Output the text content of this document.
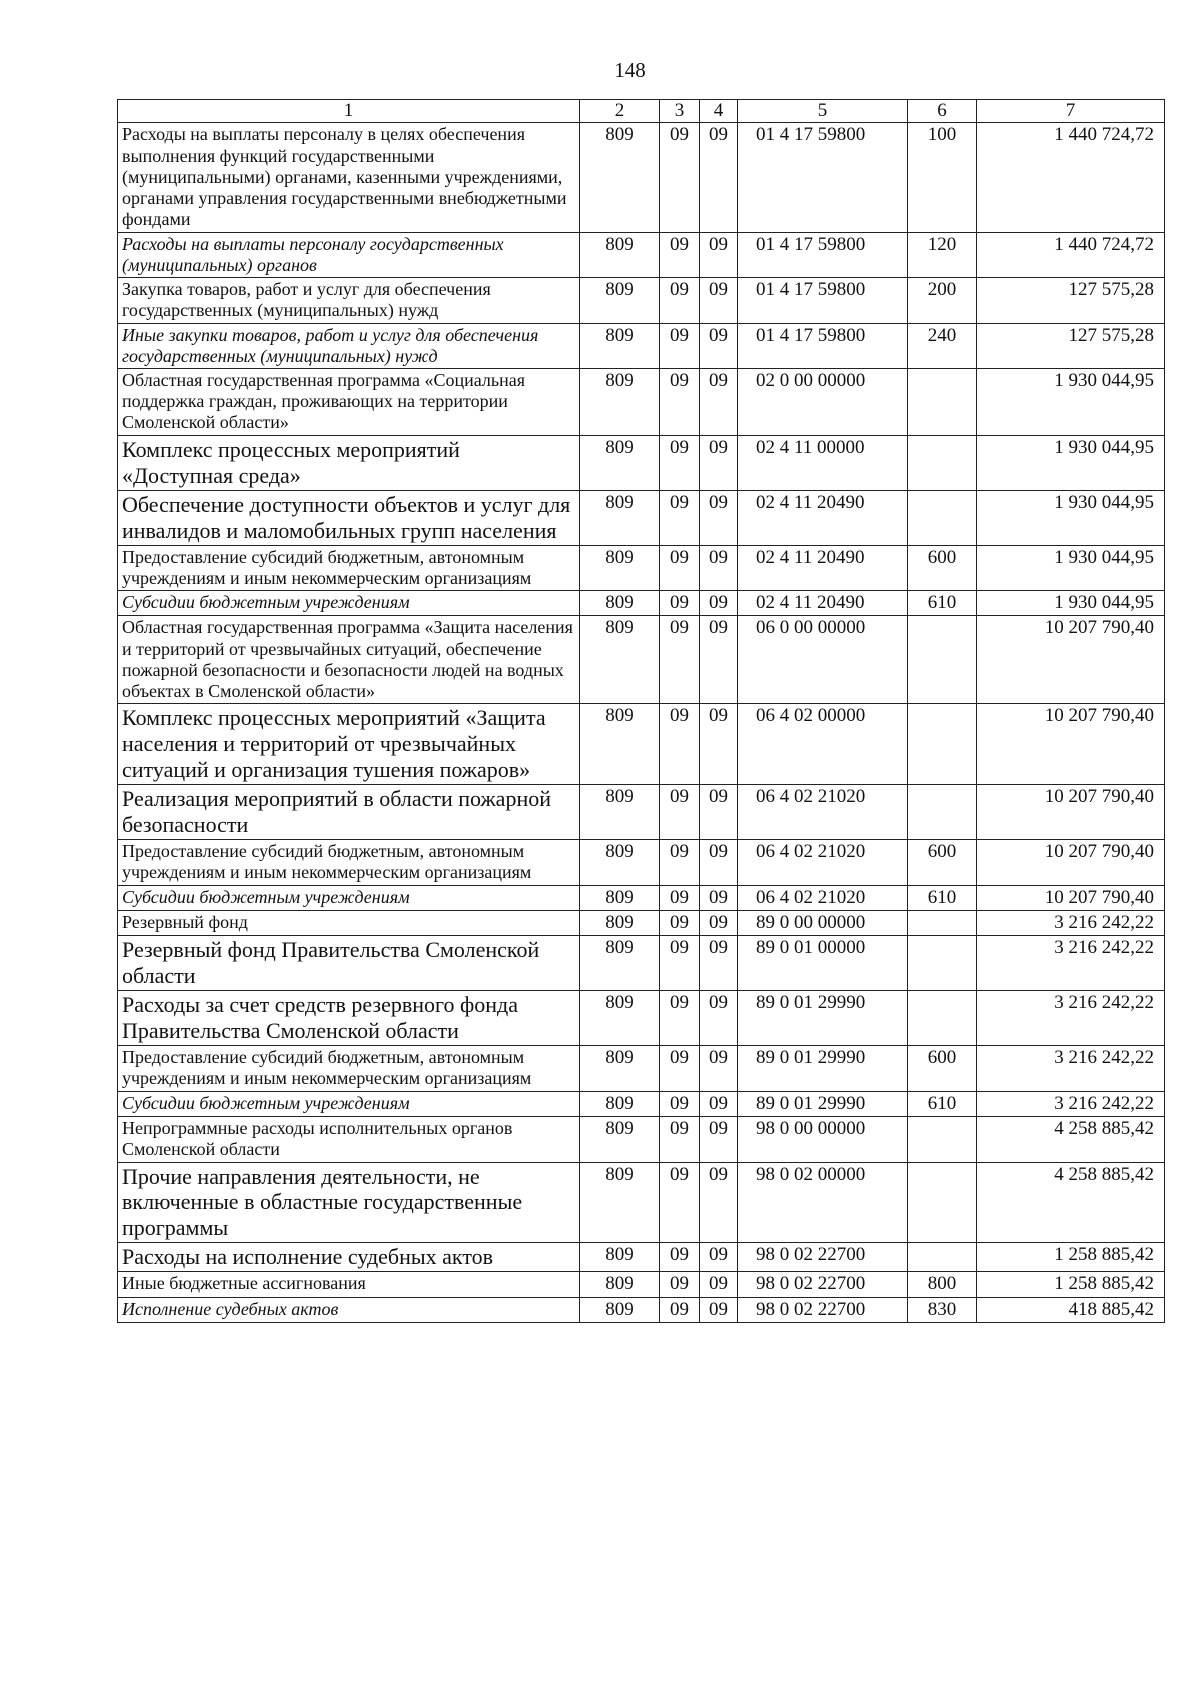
148
1	2	3	4	5	6	7
Расходы на выплаты персоналу в целях обеспечения выполнения функций государственными (муниципальными) органами, казенными учреждениями, органами управления государственными внебюджетными фондами	809	09	09	01 4 17 59800	100	1 440 724,72
Расходы на выплаты персоналу государственных (муниципальных) органов	809	09	09	01 4 17 59800	120	1 440 724,72
Закупка товаров, работ и услуг для обеспечения государственных (муниципальных) нужд	809	09	09	01 4 17 59800	200	127 575,28
Иные закупки товаров, работ и услуг для обеспечения государственных (муниципальных) нужд	809	09	09	01 4 17 59800	240	127 575,28
Областная государственная программа «Социальная поддержка граждан, проживающих на территории Смоленской области»	809	09	09	02 0 00 00000		1 930 044,95
Комплекс процессных мероприятий «Доступная среда»	809	09	09	02 4 11 00000		1 930 044,95
Обеспечение доступности объектов и услуг для инвалидов и маломобильных групп населения	809	09	09	02 4 11 20490		1 930 044,95
Предоставление субсидий бюджетным, автономным учреждениям и иным некоммерческим организациям	809	09	09	02 4 11 20490	600	1 930 044,95
Субсидии бюджетным учреждениям	809	09	09	02 4 11 20490	610	1 930 044,95
Областная государственная программа «Защита населения и территорий от чрезвычайных ситуаций, обеспечение пожарной безопасности и безопасности людей на водных объектах в Смоленской области»	809	09	09	06 0 00 00000		10 207 790,40
Комплекс процессных мероприятий «Защита населения и территорий от чрезвычайных ситуаций и организация тушения пожаров»	809	09	09	06 4 02 00000		10 207 790,40
Реализация мероприятий в области пожарной безопасности	809	09	09	06 4 02 21020		10 207 790,40
Предоставление субсидий бюджетным, автономным учреждениям и иным некоммерческим организациям	809	09	09	06 4 02 21020	600	10 207 790,40
Субсидии бюджетным учреждениям	809	09	09	06 4 02 21020	610	10 207 790,40
Резервный фонд	809	09	09	89 0 00 00000		3 216 242,22
Резервный фонд Правительства Смоленской области	809	09	09	89 0 01 00000		3 216 242,22
Расходы за счет средств резервного фонда Правительства Смоленской области	809	09	09	89 0 01 29990		3 216 242,22
Предоставление субсидий бюджетным, автономным учреждениям и иным некоммерческим организациям	809	09	09	89 0 01 29990	600	3 216 242,22
Субсидии бюджетным учреждениям	809	09	09	89 0 01 29990	610	3 216 242,22
Непрограммные расходы исполнительных органов Смоленской области	809	09	09	98 0 00 00000		4 258 885,42
Прочие направления деятельности, не включенные в областные государственные программы	809	09	09	98 0 02 00000		4 258 885,42
Расходы на исполнение судебных актов	809	09	09	98 0 02 22700		1 258 885,42
Иные бюджетные ассигнования	809	09	09	98 0 02 22700	800	1 258 885,42
Исполнение судебных актов	809	09	09	98 0 02 22700	830	418 885,42
